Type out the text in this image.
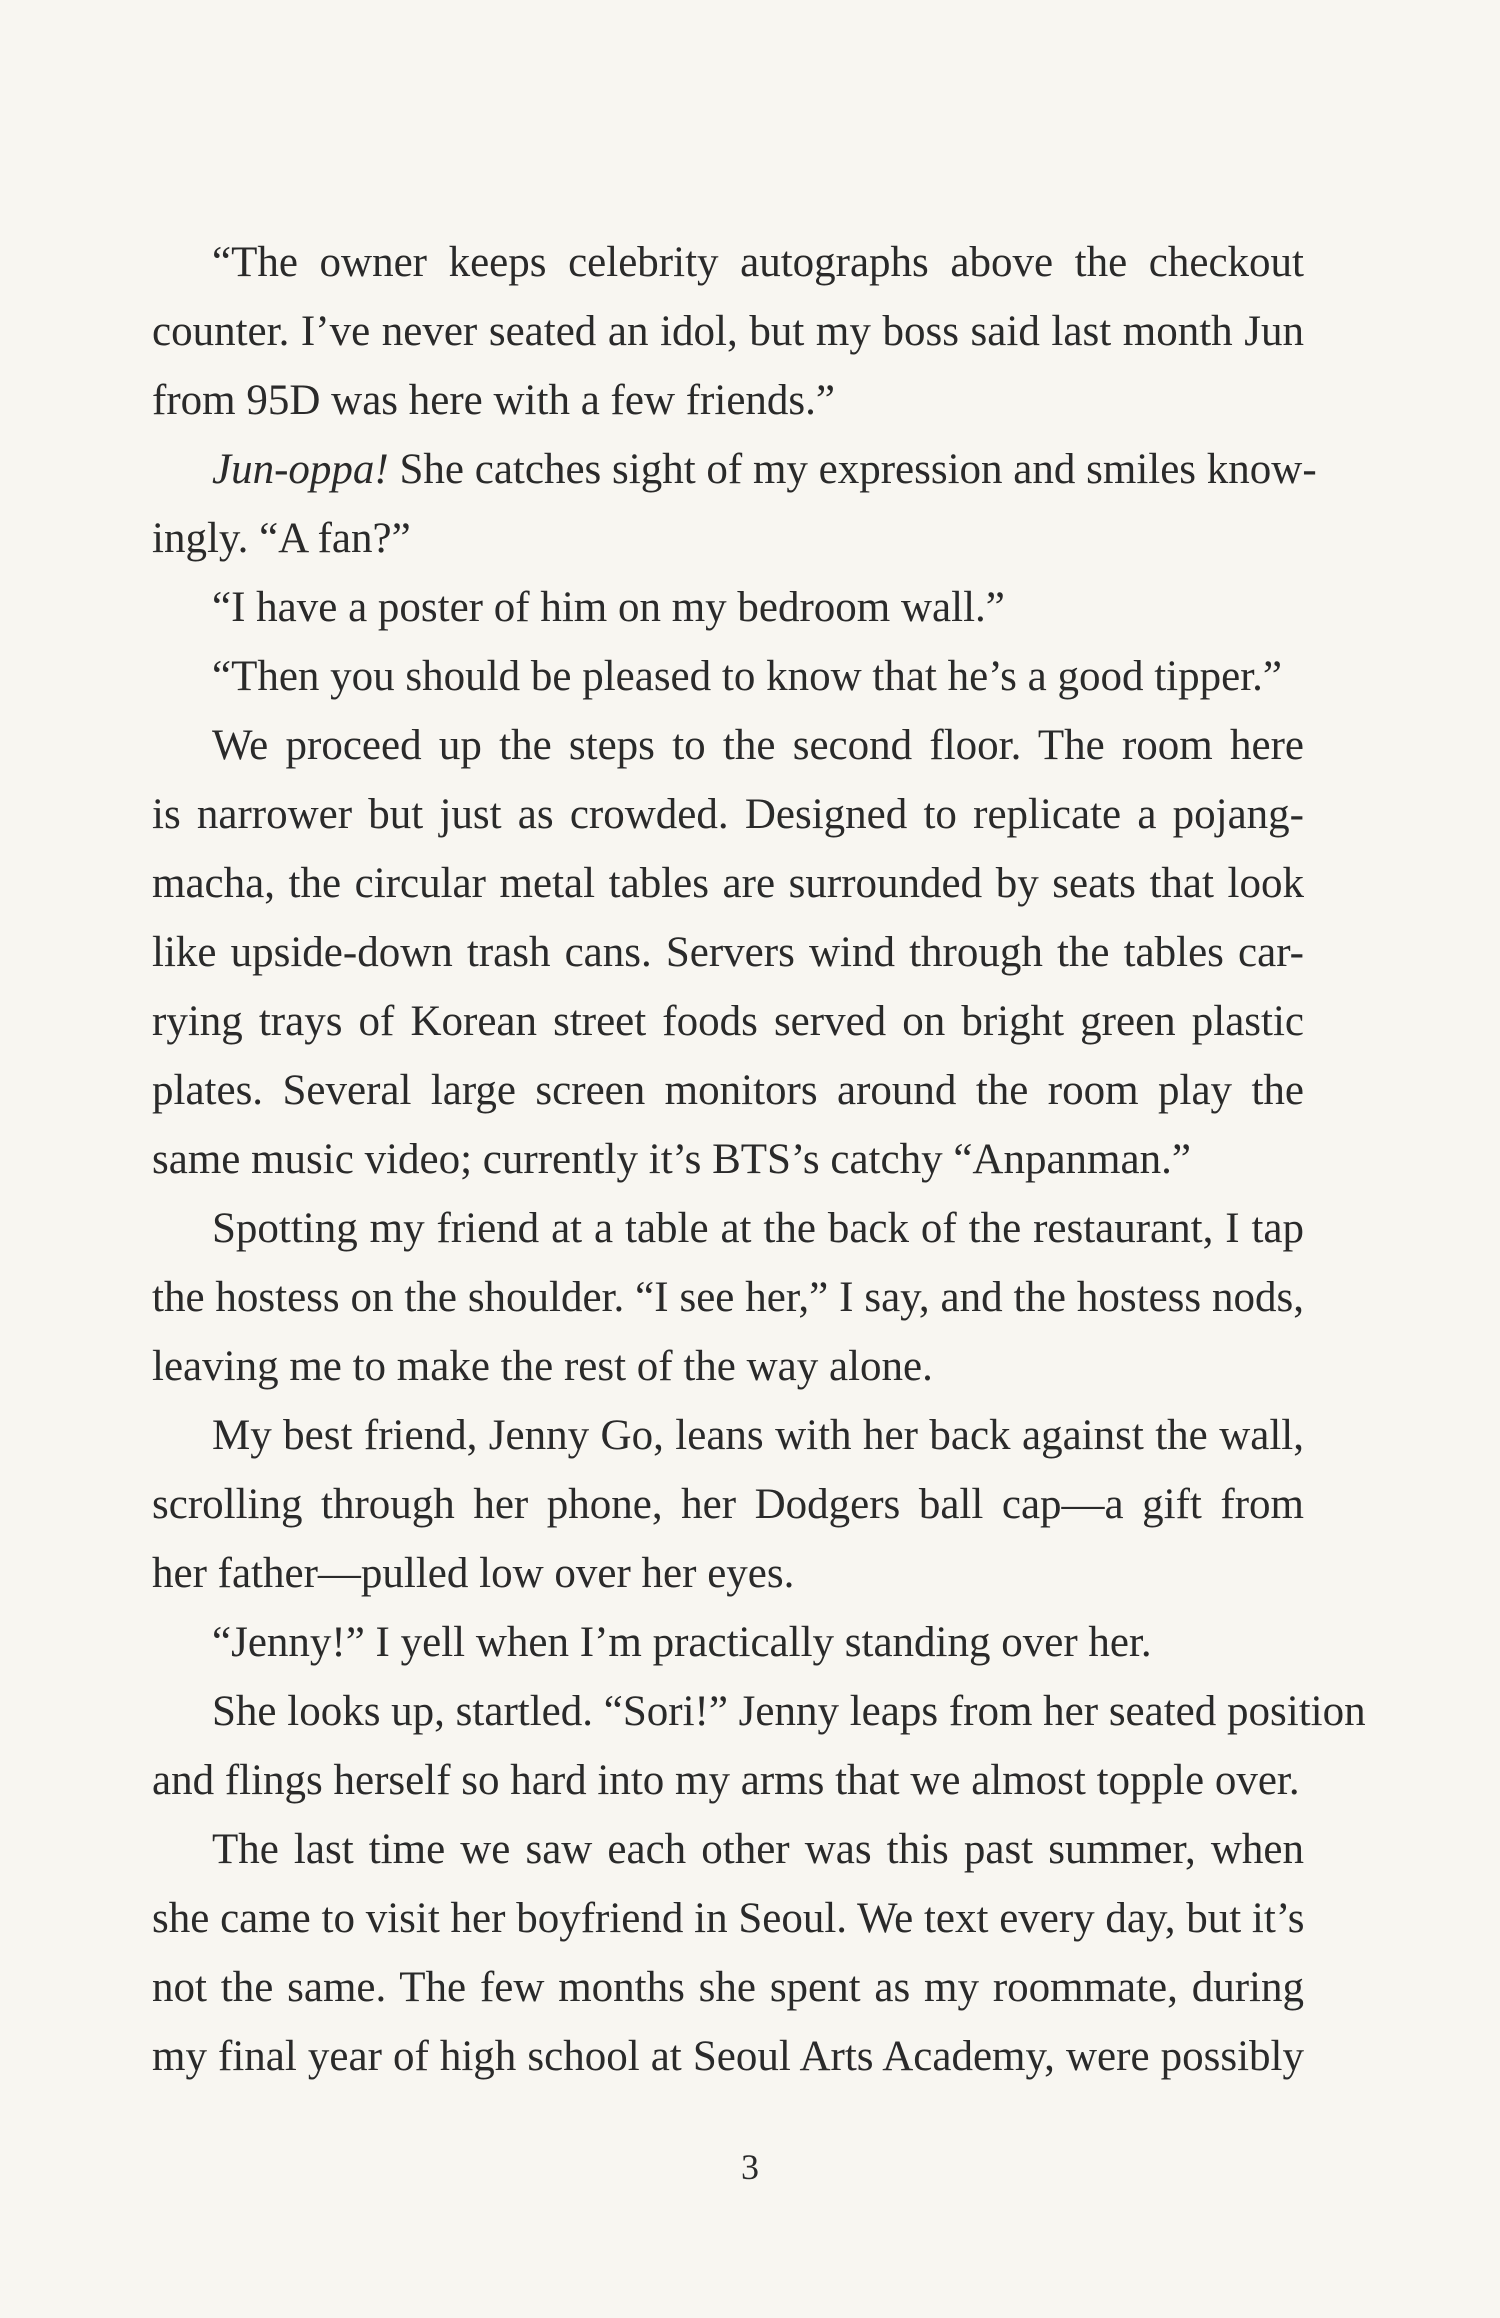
“The owner keeps celebrity autographs above the checkout
counter. I’ve never seated an idol, but my boss said last month Jun
from 95D was here with a few friends.”
Jun-oppa! She catches sight of my expression and smiles know-
ingly. “A fan?”
“I have a poster of him on my bedroom wall.”
“Then you should be pleased to know that he’s a good tipper.”
We proceed up the steps to the second floor. The room here
is narrower but just as crowded. Designed to replicate a pojang-
macha, the circular metal tables are surrounded by seats that look
like upside-down trash cans. Servers wind through the tables car-
rying trays of Korean street foods served on bright green plastic
plates. Several large screen monitors around the room play the
same music video; currently it’s BTS’s catchy “Anpanman.”
Spotting my friend at a table at the back of the restaurant, I tap
the hostess on the shoulder. “I see her,” I say, and the hostess nods,
leaving me to make the rest of the way alone.
My best friend, Jenny Go, leans with her back against the wall,
scrolling through her phone, her Dodgers ball cap—a gift from
her father—pulled low over her eyes.
“Jenny!” I yell when I’m practically standing over her.
She looks up, startled. “Sori!” Jenny leaps from her seated position
and flings herself so hard into my arms that we almost topple over.
The last time we saw each other was this past summer, when
she came to visit her boyfriend in Seoul. We text every day, but it’s
not the same. The few months she spent as my roommate, during
my final year of high school at Seoul Arts Academy, were possibly
3
